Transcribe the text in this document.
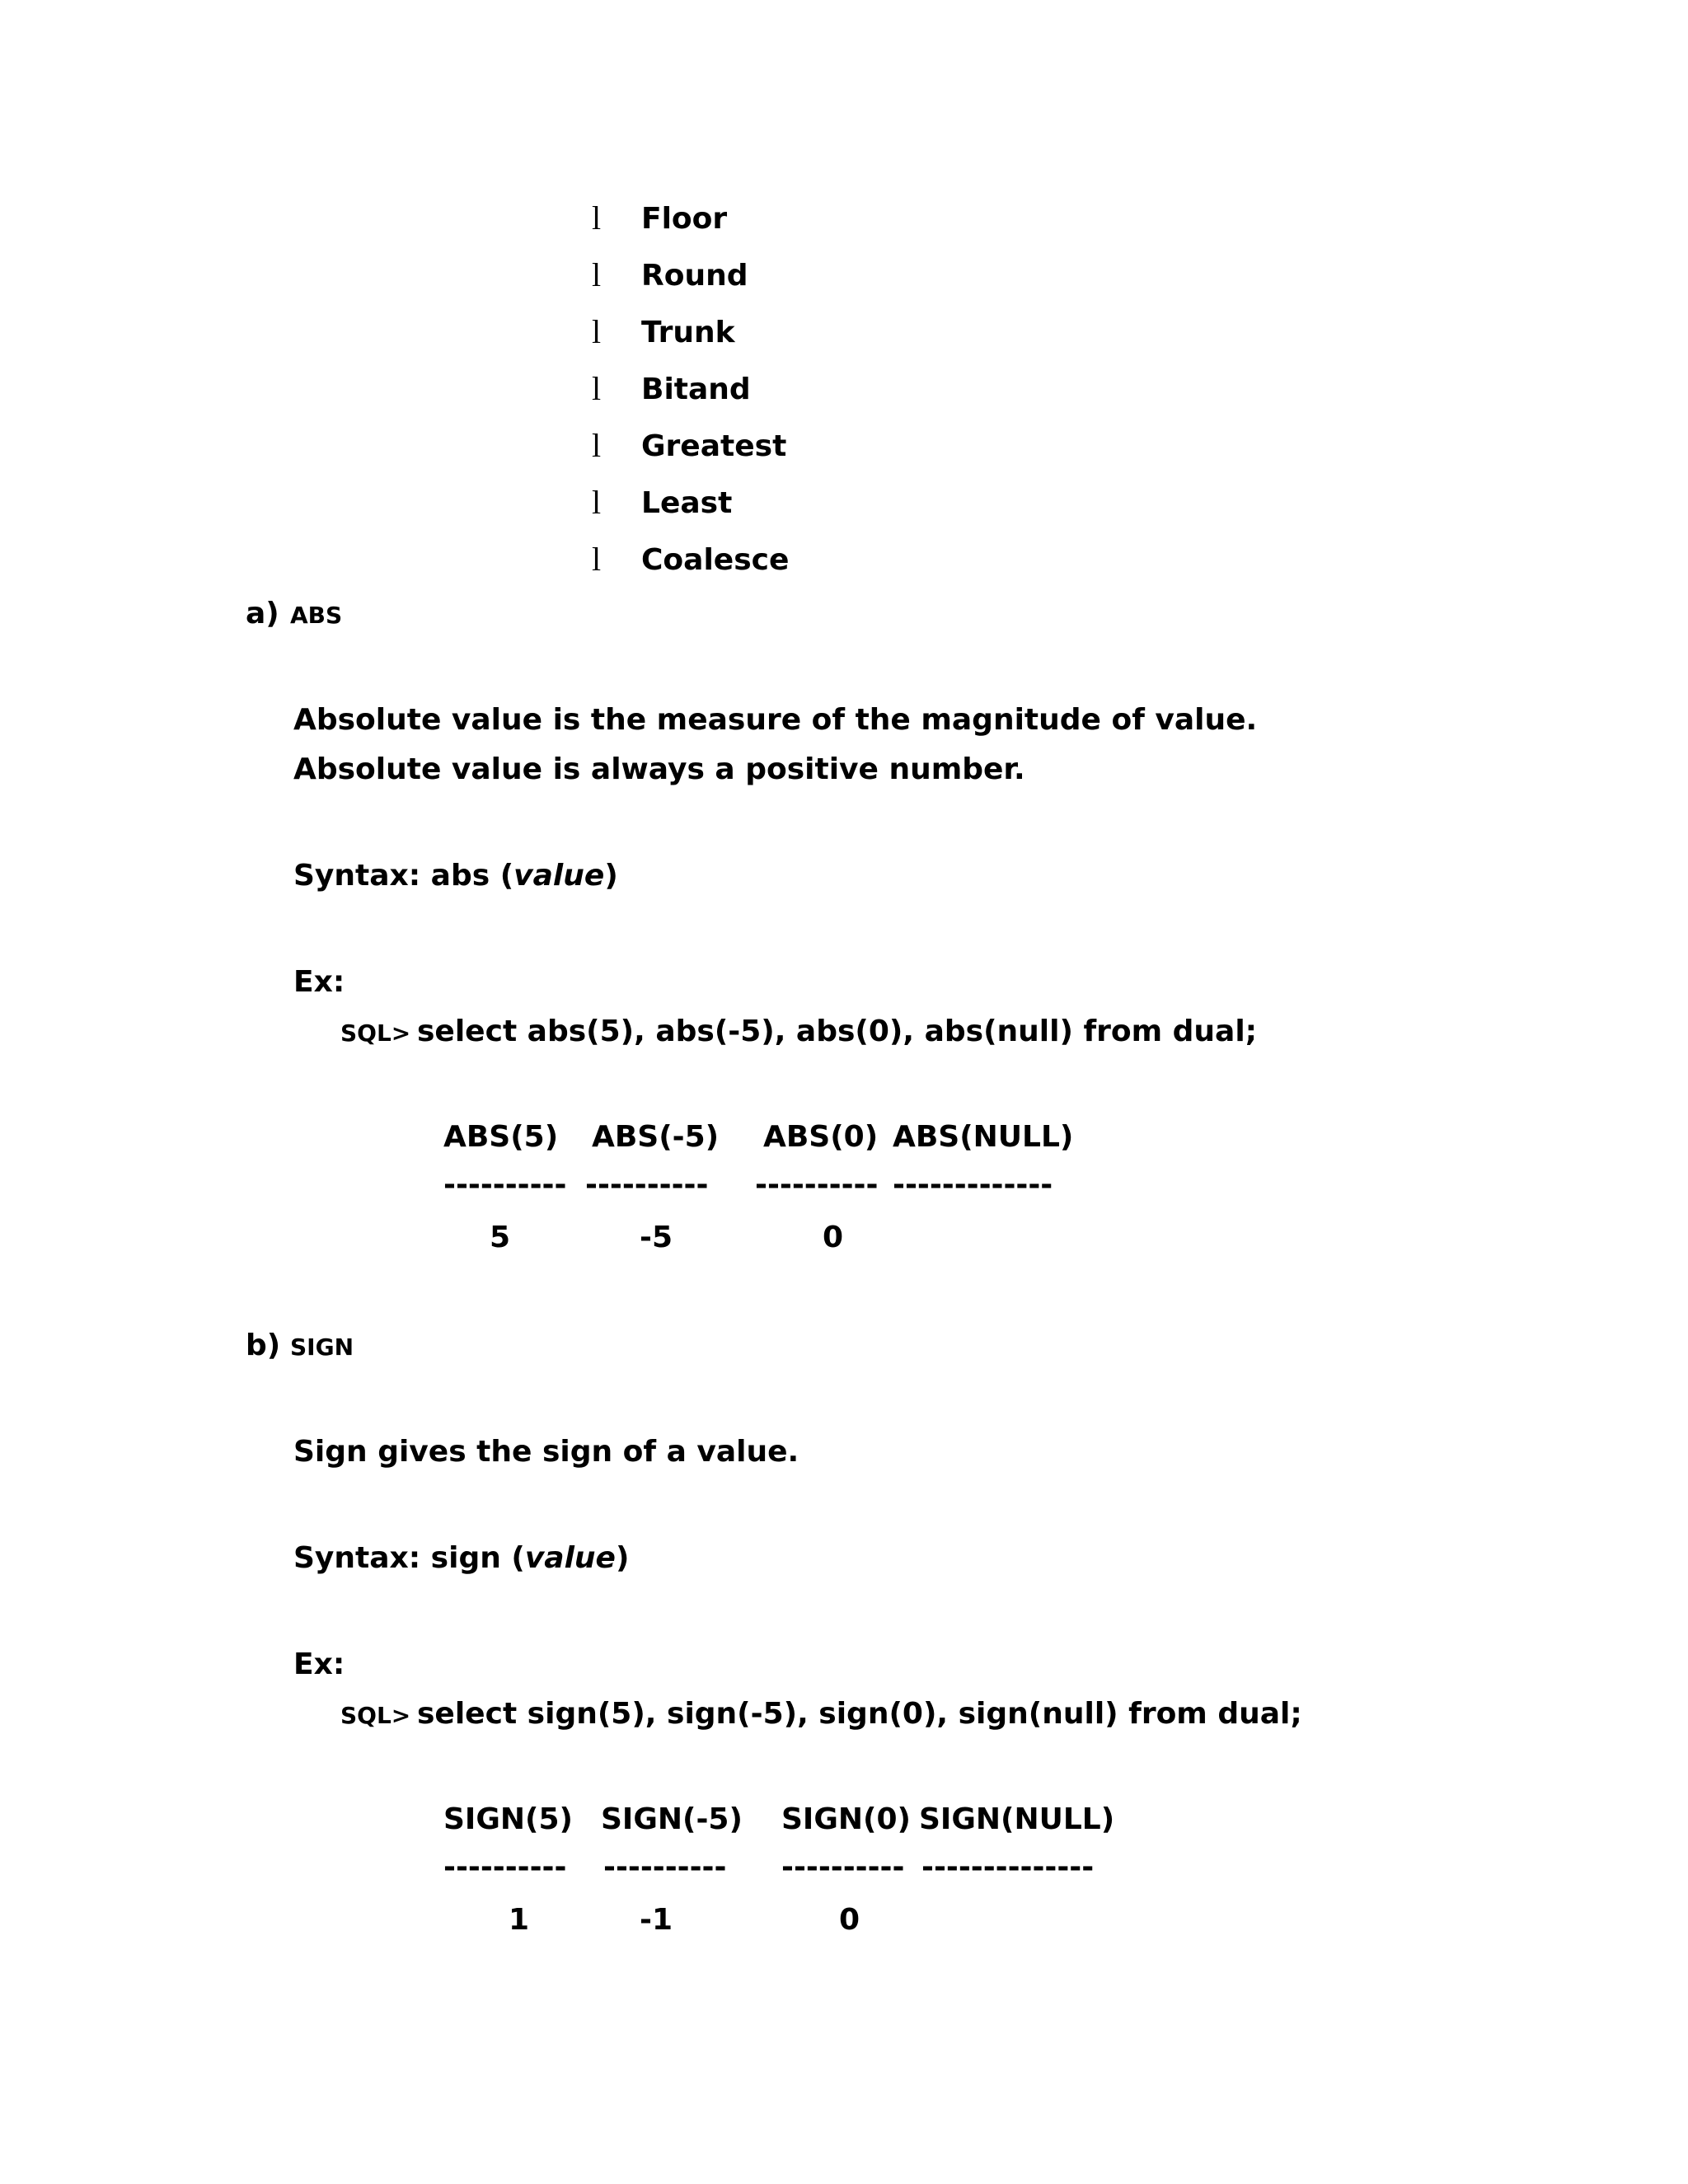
l Floor
l Round
l Trunk
l Bitand
l Greatest
l Least
l Coalesce
a) ABS
Absolute value is the measure of the magnitude of value.
Absolute value is always a positive number.
Syntax: abs (value)
Ex:
SQL> select abs(5), abs(-5), abs(0), abs(null) from dual;
ABS(5) ABS(-5) ABS(0) ABS(NULL)
---------- ---------- ---------- -------------
5	-5	0
b) SIGN
Sign gives the sign of a value.
Syntax: sign (value)
Ex:
SQL> select sign(5), sign(-5), sign(0), sign(null) from dual;
SIGN(5) SIGN(-5) SIGN(0) SIGN(NULL)
---------- ---------- ---------- --------------
1	-1	0
